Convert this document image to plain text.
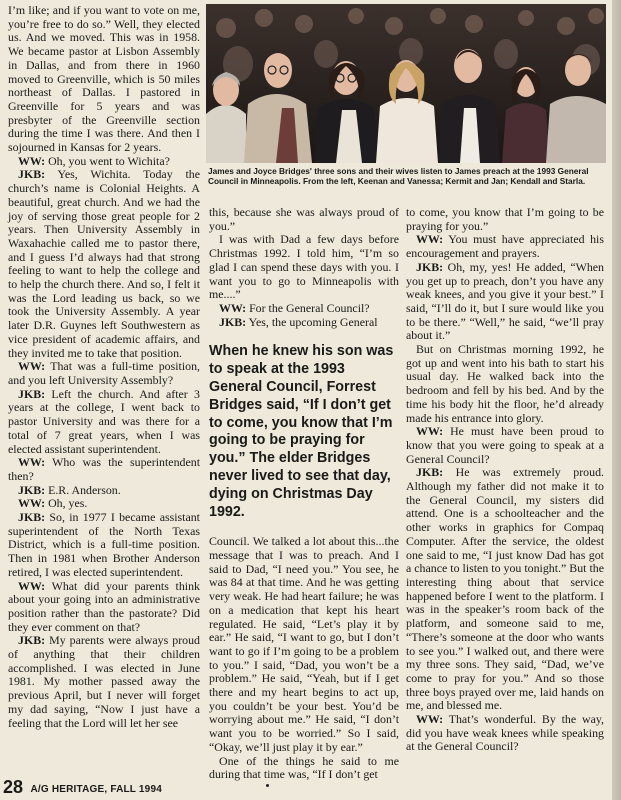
I’m like; and if you want to vote on me, you’re free to do so.” Well, they elected us. And we moved. This was in 1958. We became pastor at Lisbon Assembly in Dallas, and from there in 1960 moved to Greenville, which is 50 miles northeast of Dallas. I pastored in Greenville for 5 years and was presbyter of the Greenville section during the time I was there. And then I sojourned in Kansas for 2 years.

WW: Oh, you went to Wichita?

JKB: Yes, Wichita. Today the church’s name is Colonial Heights. A beautiful, great church. And we had the joy of serving those great people for 2 years. Then University Assembly in Waxahachie called me to pastor there, and I guess I’d always had that strong feeling to want to help the college and to help the church there. And so, I felt it was the Lord leading us back, so we took the University Assembly. A year later D.R. Guynes left Southwestern as vice president of academic affairs, and they invited me to take that position.

WW: That was a full-time position, and you left University Assembly?

JKB: Left the church. And after 3 years at the college, I went back to pastor University and was there for a total of 7 great years, when I was elected assistant superintendent.

WW: Who was the superintendent then?

JKB: E.R. Anderson.

WW: Oh, yes.

JKB: So, in 1977 I became assistant superintendent of the North Texas District, which is a full-time position. Then in 1981 when Brother Anderson retired, I was elected superintendent.

WW: What did your parents think about your going into an administrative position rather than the pastorate? Did they ever comment on that?

JKB: My parents were always proud of anything that their children accomplished. I was elected in June 1981. My mother passed away the previous April, but I never will forget my dad saying, “Now I just have a feeling that the Lord will let her see

James and Joyce Bridges' three sons and their wives listen to James preach at the 1993 General Council in Minneapolis. From the left, Keenan and Vanessa; Kermit and Jan; Kendall and Starla.

this, because she was always proud of you.”

I was with Dad a few days before Christmas 1992. I told him, “I’m so glad I can spend these days with you. I want you to go to Minneapolis with me....”

WW: For the General Council?

JKB: Yes, the upcoming General

When he knew his son was to speak at the 1993 General Council, Forrest Bridges said, “If I don’t get to come, you know that I’m going to be praying for you.” The elder Bridges never lived to see that day, dying on Christmas Day 1992.

Council. We talked a lot about this...the message that I was to preach. And I said to Dad, “I need you.” You see, he was 84 at that time. And he was getting very weak. He had heart failure; he was on a medication that kept his heart regulated. He said, “Let’s play it by ear.” He said, “I want to go, but I don’t want to go if I’m going to be a problem to you.” I said, “Dad, you won’t be a problem.” He said, “Yeah, but if I get there and my heart begins to act up, you couldn’t be your best. You’d be worrying about me.” He said, “I don’t want you to be worried.” So I said, “Okay, we’ll just play it by ear.”

One of the things he said to me during that time was, “If I don’t get

to come, you know that I’m going to be praying for you.”

WW: You must have appreciated his encouragement and prayers.

JKB: Oh, my, yes! He added, “When you get up to preach, don’t you have any weak knees, and you give it your best.” I said, “I’ll do it, but I sure would like you to be there.” “Well,” he said, “we’ll pray about it.”

But on Christmas morning 1992, he got up and went into his bath to start his usual day. He walked back into the bedroom and fell by his bed. And by the time his body hit the floor, he’d already made his entrance into glory.

WW: He must have been proud to know that you were going to speak at a General Council?

JKB: He was extremely proud. Although my father did not make it to the General Council, my sisters did attend. One is a schoolteacher and the other works in graphics for Compaq Computer. After the service, the oldest one said to me, “I just know Dad has got a chance to listen to you tonight.” But the interesting thing about that service happened before I went to the platform. I was in the speaker’s room back of the platform, and someone said to me, “There’s someone at the door who wants to see you.” I walked out, and there were my three sons. They said, “Dad, we’ve come to pray for you.” And so those three boys prayed over me, laid hands on me, and blessed me.

WW: That’s wonderful. By the way, did you have weak knees while speaking at the General Council?

28 A/G HERITAGE, FALL 1994
